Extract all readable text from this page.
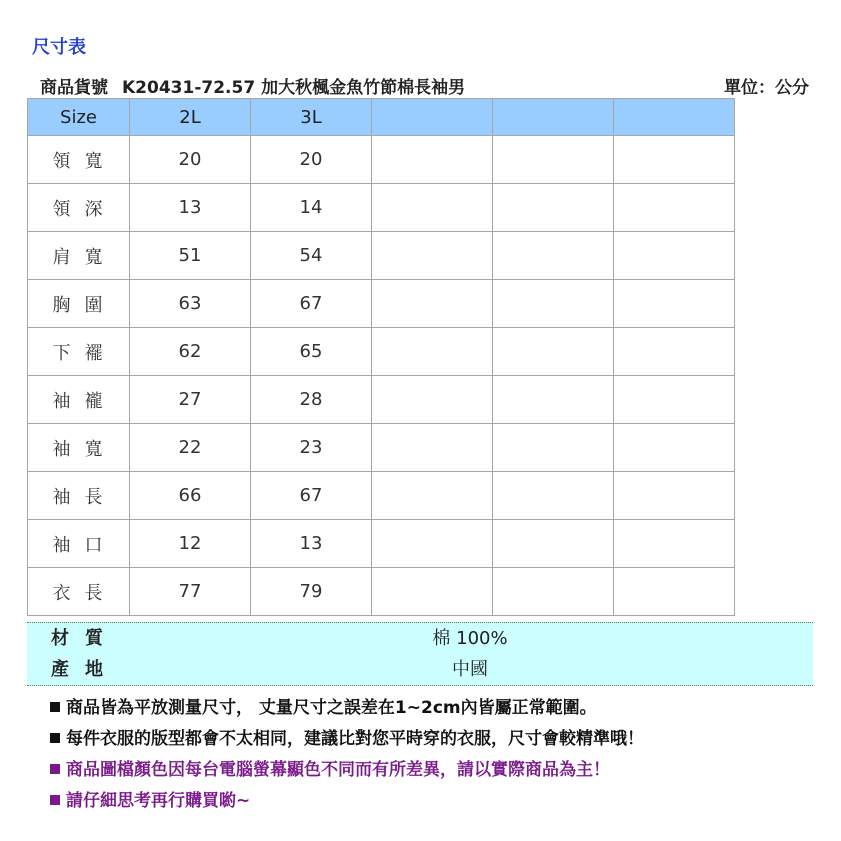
尺寸表
商品貨號 K20431-72.57 加大秋楓金魚竹節棉長袖男	單位：公分
Size	2L	3L			
領寬	20	20			
領深	13	14			
肩寬	51	54			
胸圍	63	67			
下襬	62	65			
袖襱	27	28			
袖寬	22	23			
袖長	66	67			
袖口	12	13			
衣長	77	79			
材質	棉 100%
產地	中國
商品皆為平放測量尺寸， 丈量尺寸之誤差在1~2cm內皆屬正常範圍。
每件衣服的版型都會不太相同，建議比對您平時穿的衣服，尺寸會較精準哦！
商品圖檔顏色因每台電腦螢幕顯色不同而有所差異，請以實際商品為主！
請仔細思考再行購買喲~
